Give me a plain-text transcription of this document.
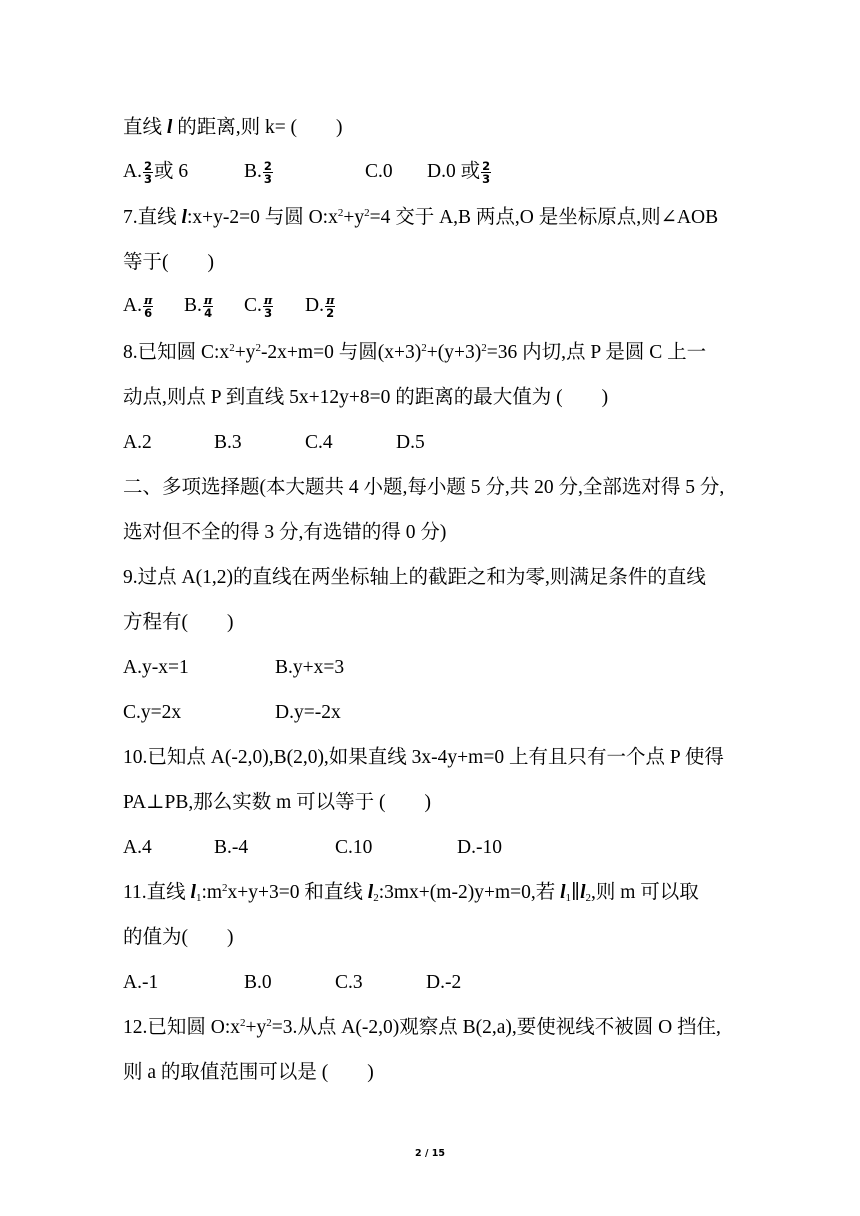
直线 l 的距离,则 k= (　　)
A. $\frac{2}{3}$ 或 6	B. $\frac{2}{3}$	C.0 D.0 或 $\frac{2}{3}$
7.直线 l:x+y-2=0 与圆 $O:x^2+y^2=4$ 交于 A,B 两点,O 是坐标原点,则∠AOB
等于(　　)
A. $\frac{\pi}{6} B$. $\frac{\pi}{4} C$. $\frac{\pi}{3} D$. $\frac{\pi}{2}$
8.已知圆 $C:x^2+y^2-2x+m=0$ 与圆$(x+3)^2+(y+3)^2=36$ 内切,点 P 是圆 C 上一
动点,则点 P 到直线 5x+12y+8=0 的距离的最大值为 (　　)
A.2	B.3	C.4	D.5
二、多项选择题(本大题共 4 小题,每小题 5 分,共 20 分,全部选对得 5 分,
选对但不全的得 3 分,有选错的得 0 分)
9.过点 A(1,2)的直线在两坐标轴上的截距之和为零,则满足条件的直线
方程有(　　)
A.y-x=1	B.y+x=3
C.y=2x	D.y=-2x
10.已知点 A(-2,0),B(2,0),如果直线 3x-4y+m=0 上有且只有一个点 P 使得
PA⊥PB,那么实数 m 可以等于 (　　)
A.4	B.-4	C.10	D.-10
11.直线 $l_1:m^2x+y+3=0$ 和直线 $l_2:3mx+(m-2)y+m=0$,若 $l_1\parallel l_2$,则 m 可以取
的值为(　　)
A.-1	B.0	C.3	D.-2
12.已知圆 $O:x^2+y^2=3$.从点 A(-2,0)观察点 B(2,a),要使视线不被圆 O 挡住,
则 a 的取值范围可以是 (　　)
2 / 15
